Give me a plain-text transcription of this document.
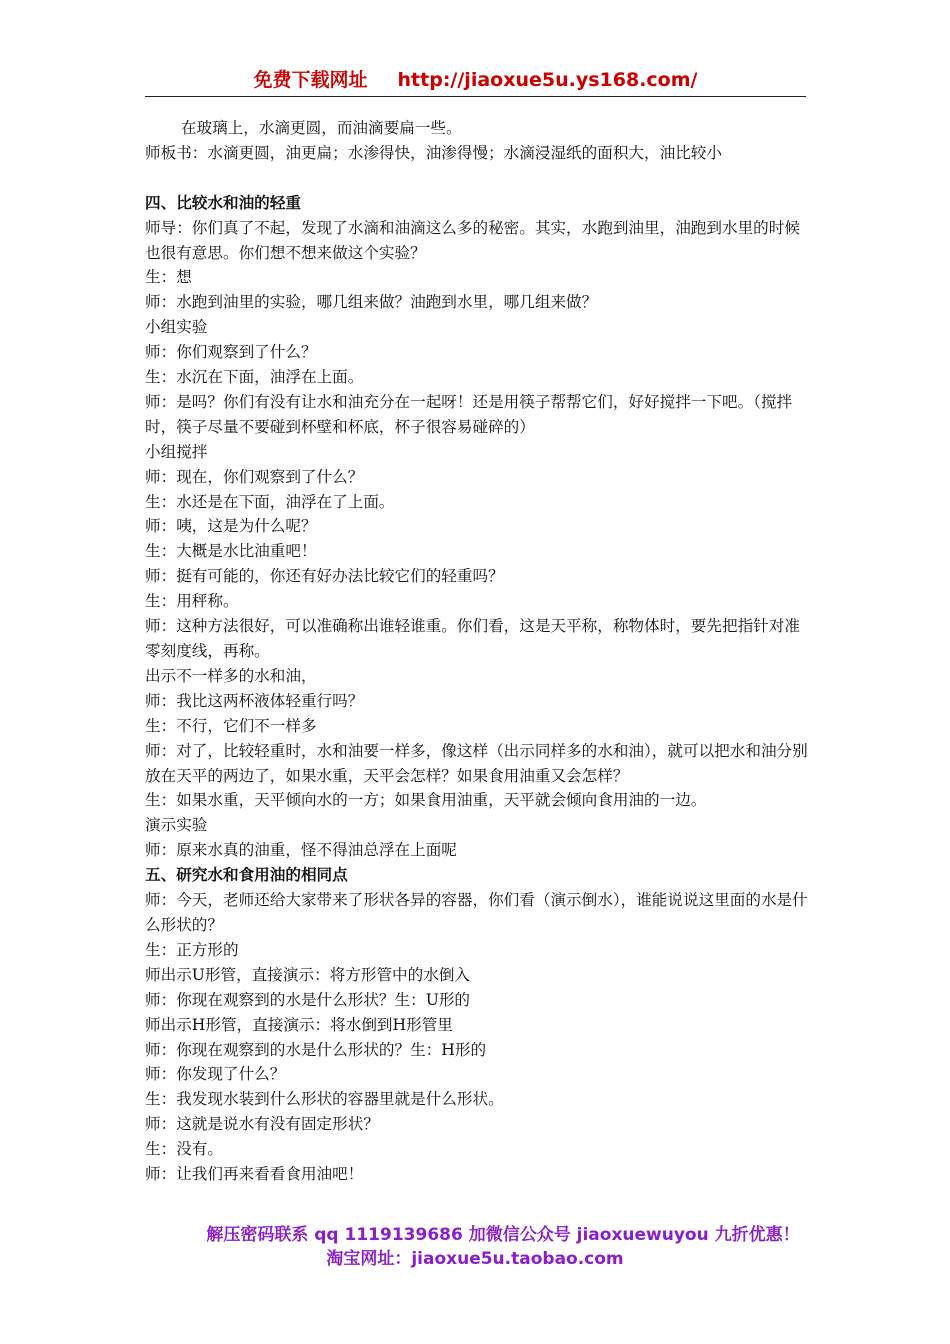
免费下载网址 http://jiaoxue5u.ys168.com/

在玻璃上，水滴更圆，而油滴要扁一些。

师板书：水滴更圆，油更扁；水渗得快，油渗得慢；水滴浸湿纸的面积大，油比较小

四、比较水和油的轻重

师导：你们真了不起，发现了水滴和油滴这么多的秘密。其实，水跑到油里，油跑到水里的时候也很有意思。你们想不想来做这个实验？

生：想

师：水跑到油里的实验，哪几组来做？油跑到水里，哪几组来做？

小组实验

师：你们观察到了什么？

生：水沉在下面，油浮在上面。

师：是吗？你们有没有让水和油充分在一起呀！还是用筷子帮帮它们，好好搅拌一下吧。（搅拌时，筷子尽量不要碰到杯壁和杯底，杯子很容易碰碎的）

小组搅拌

师：现在，你们观察到了什么？

生：水还是在下面，油浮在了上面。

师：咦，这是为什么呢？

生：大概是水比油重吧！

师：挺有可能的，你还有好办法比较它们的轻重吗？

生：用秤称。

师：这种方法很好，可以准确称出谁轻谁重。你们看，这是天平称，称物体时，要先把指针对准零刻度线，再称。

出示不一样多的水和油，

师：我比这两杯液体轻重行吗？

生：不行，它们不一样多

师：对了，比较轻重时，水和油要一样多，像这样（出示同样多的水和油），就可以把水和油分别放在天平的两边了，如果水重，天平会怎样？如果食用油重又会怎样？

生：如果水重，天平倾向水的一方；如果食用油重，天平就会倾向食用油的一边。

演示实验

师：原来水真的油重，怪不得油总浮在上面呢

五、研究水和食用油的相同点

师：今天，老师还给大家带来了形状各异的容器，你们看（演示倒水），谁能说说这里面的水是什么形状的？

生：正方形的

师出示U形管，直接演示：将方形管中的水倒入

师：你现在观察到的水是什么形状？生：U形的

师出示H形管，直接演示：将水倒到H形管里

师：你现在观察到的水是什么形状的？生：H形的

师：你发现了什么？

生：我发现水装到什么形状的容器里就是什么形状。

师：这就是说水有没有固定形状？

生：没有。

师：让我们再来看看食用油吧！

解压密码联系 qq 1119139686 加微信公众号 jiaoxuewuyou 九折优惠！
淘宝网址：jiaoxue5u.taobao.com
